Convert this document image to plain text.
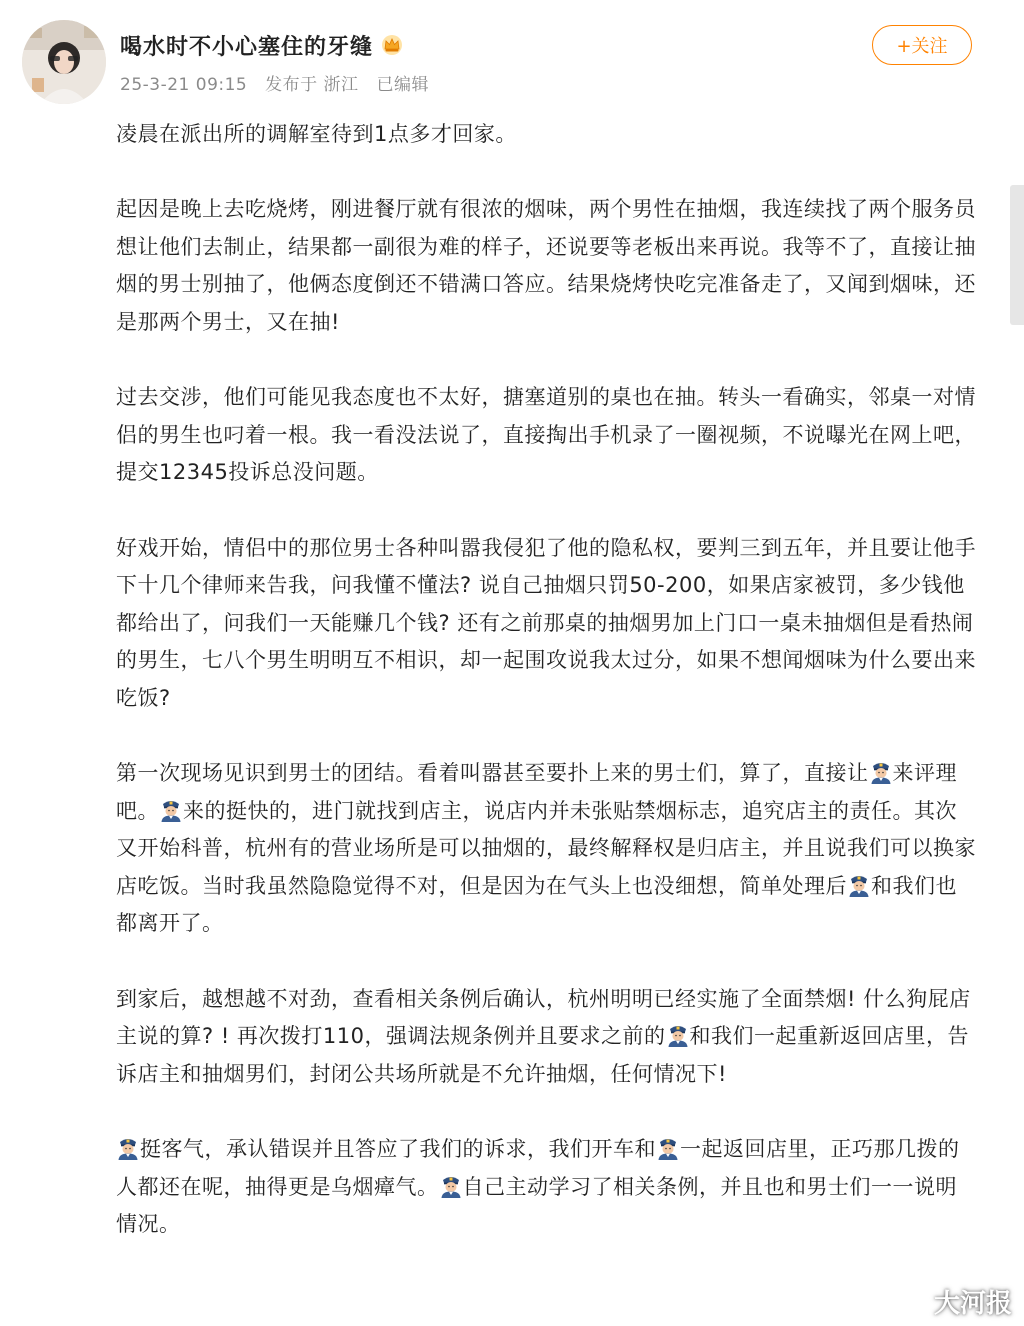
喝水时不小心塞住的牙缝
25-3-21 09:15 发布于 浙江 已编辑
+关注

凌晨在派出所的调解室待到1点多才回家。

起因是晚上去吃烧烤，刚进餐厅就有很浓的烟味，两个男性在抽烟，我连续找了两个服务员想让他们去制止，结果都一副很为难的样子，还说要等老板出来再说。我等不了，直接让抽烟的男士别抽了，他俩态度倒还不错满口答应。结果烧烤快吃完准备走了，又闻到烟味，还是那两个男士，又在抽!

过去交涉，他们可能见我态度也不太好，搪塞道别的桌也在抽。转头一看确实，邻桌一对情侣的男生也叼着一根。我一看没法说了，直接掏出手机录了一圈视频，不说曝光在网上吧，提交12345投诉总没问题。

好戏开始，情侣中的那位男士各种叫嚣我侵犯了他的隐私权，要判三到五年，并且要让他手下十几个律师来告我，问我懂不懂法? 说自己抽烟只罚50-200，如果店家被罚，多少钱他都给出了，问我们一天能赚几个钱? 还有之前那桌的抽烟男加上门口一桌未抽烟但是看热闹的男生，七八个男生明明互不相识，却一起围攻说我太过分，如果不想闻烟味为什么要出来吃饭?

第一次现场见识到男士的团结。看着叫嚣甚至要扑上来的男士们，算了，直接让 来评理吧。 来的挺快的，进门就找到店主，说店内并未张贴禁烟标志，追究店主的责任。其次又开始科普，杭州有的营业场所是可以抽烟的，最终解释权是归店主，并且说我们可以换家店吃饭。当时我虽然隐隐觉得不对，但是因为在气头上也没细想，简单处理后 和我们也都离开了。

到家后，越想越不对劲，查看相关条例后确认，杭州明明已经实施了全面禁烟! 什么狗屁店主说的算? ! 再次拨打110，强调法规条例并且要求之前的 和我们一起重新返回店里，告诉店主和抽烟男们，封闭公共场所就是不允许抽烟，任何情况下!

挺客气，承认错误并且答应了我们的诉求，我们开车和 一起返回店里，正巧那几拨的人都还在呢，抽得更是乌烟瘴气。 自己主动学习了相关条例，并且也和男士们一一说明情况。

大河报
